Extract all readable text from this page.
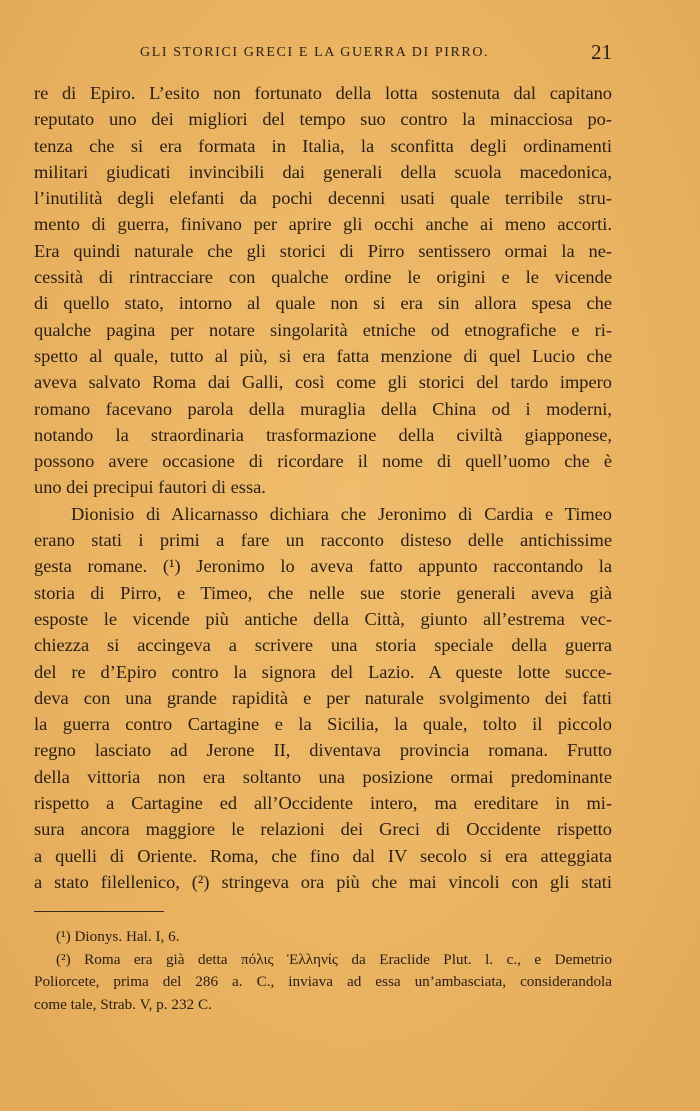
GLI STORICI GRECI E LA GUERRA DI PIRRO.	21
re di Epiro. L’esito non fortunato della lotta sostenuta dal capitano
reputato uno dei migliori del tempo suo contro la minacciosa po-
tenza che si era formata in Italia, la sconfitta degli ordinamenti
militari giudicati invincibili dai generali della scuola macedonica,
l’inutilità degli elefanti da pochi decenni usati quale terribile stru-
mento di guerra, finivano per aprire gli occhi anche ai meno accorti.
Era quindi naturale che gli storici di Pirro sentissero ormai la ne-
cessità di rintracciare con qualche ordine le origini e le vicende
di quello stato, intorno al quale non si era sin allora spesa che
qualche pagina per notare singolarità etniche od etnografiche e ri-
spetto al quale, tutto al più, si era fatta menzione di quel Lucio che
aveva salvato Roma dai Galli, così come gli storici del tardo impero
romano facevano parola della muraglia della China od i moderni,
notando la straordinaria trasformazione della civiltà giapponese,
possono avere occasione di ricordare il nome di quell’uomo che è
uno dei precipui fautori di essa.
Dionisio di Alicarnasso dichiara che Jeronimo di Cardia e Timeo
erano stati i primi a fare un racconto disteso delle antichissime
gesta romane. (¹) Jeronimo lo aveva fatto appunto raccontando la
storia di Pirro, e Timeo, che nelle sue storie generali aveva già
esposte le vicende più antiche della Città, giunto all’estrema vec-
chiezza si accingeva a scrivere una storia speciale della guerra
del re d’Epiro contro la signora del Lazio. A queste lotte succe-
deva con una grande rapidità e per naturale svolgimento dei fatti
la guerra contro Cartagine e la Sicilia, la quale, tolto il piccolo
regno lasciato ad Jerone II, diventava provincia romana. Frutto
della vittoria non era soltanto una posizione ormai predominante
rispetto a Cartagine ed all’Occidente intero, ma ereditare in mi-
sura ancora maggiore le relazioni dei Greci di Occidente rispetto
a quelli di Oriente. Roma, che fino dal IV secolo si era atteggiata
a stato filellenico, (²) stringeva ora più che mai vincoli con gli stati
(¹) Dionys. Hal. I, 6.
(²) Roma era già detta πόλις Ἑλληνίς da Eraclide Plut. l. c., e Demetrio
Poliorcete, prima del 286 a. C., inviava ad essa un’ambasciata, considerandola
come tale, Strab. V, p. 232 C.
